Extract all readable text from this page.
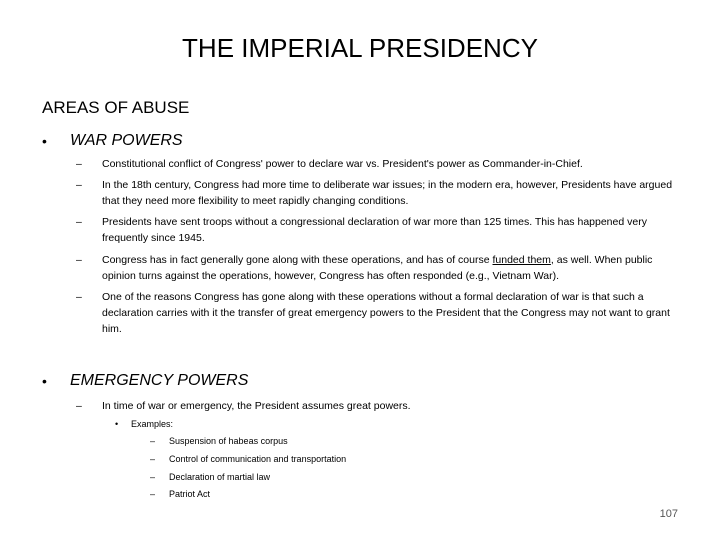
THE IMPERIAL PRESIDENCY
AREAS OF ABUSE
• WAR POWERS
– Constitutional conflict of Congress' power to declare war vs. President's power as Commander-in-Chief.
– In the 18th century, Congress had more time to deliberate war issues; in the modern era, however, Presidents have argued that they need more flexibility to meet rapidly changing conditions.
– Presidents have sent troops without a congressional declaration of war more than 125 times. This has happened very frequently since 1945.
– Congress has in fact generally gone along with these operations, and has of course funded them, as well. When public opinion turns against the operations, however, Congress has often responded (e.g., Vietnam War).
– One of the reasons Congress has gone along with these operations without a formal declaration of war is that such a declaration carries with it the transfer of great emergency powers to the President that the Congress may not want to grant him.
• EMERGENCY POWERS
– In time of war or emergency, the President assumes great powers.
• Examples:
– Suspension of habeas corpus
– Control of communication and transportation
– Declaration of martial law
– Patriot Act
107
